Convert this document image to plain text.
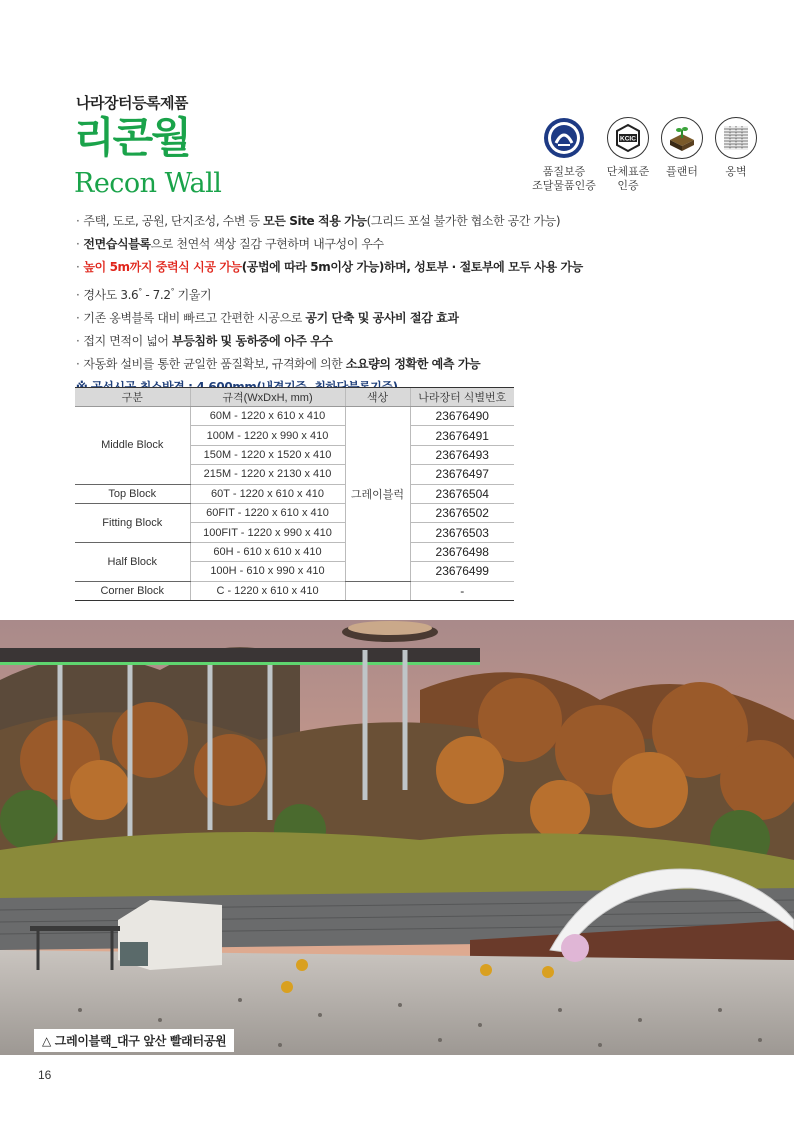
나라장터등록제품
리콘월
Recon Wall	품질보증
조달물품인증
KCIC
단체표준
인증
플랜터	옹벽
· 주택, 도로, 공원, 단지조성, 수변 등 모든 Site 적용 가능(그리드 포설 불가한 협소한 공간 가능)
· 전면습식블록으로 천연석 색상 질감 구현하며 내구성이 우수
· 높이 5m까지 중력식 시공 가능(공법에 따라 5m이상 가능)하며, 성토부 · 절토부에 모두 사용 가능
· 경사도 3.6° - 7.2° 기울기
· 기존 옹벽블록 대비 빠르고 간편한 시공으로 공기 단축 및 공사비 절감 효과
· 접지 면적이 넓어 부등침하 및 동하중에 아주 우수
· 자동화 설비를 통한 균일한 품질확보, 규격화에 의한 소요량의 정확한 예측 가능
구분	규격(WxDxH, mm)	색상	나라장터 식별번호
Middle Block	60M - 1220 x 610 x 410	그레이블럭	23676490
	100M - 1220 x 990 x 410		23676491
	150M - 1220 x 1520 x 410		23676493
	215M - 1220 x 2130 x 410		23676497
Top Block	60T - 1220 x 610 x 410		23676504
Fitting Block	60FIT - 1220 x 610 x 410		23676502
	100FIT - 1220 x 990 x 410		23676503
Half Block	60H - 610 x 610 x 410		23676498
	100H - 610 x 990 x 410		23676499
Corner Block	C - 1220 x 610 x 410		-
△ 그레이블랙_대구 앞산 빨래터공원
16
